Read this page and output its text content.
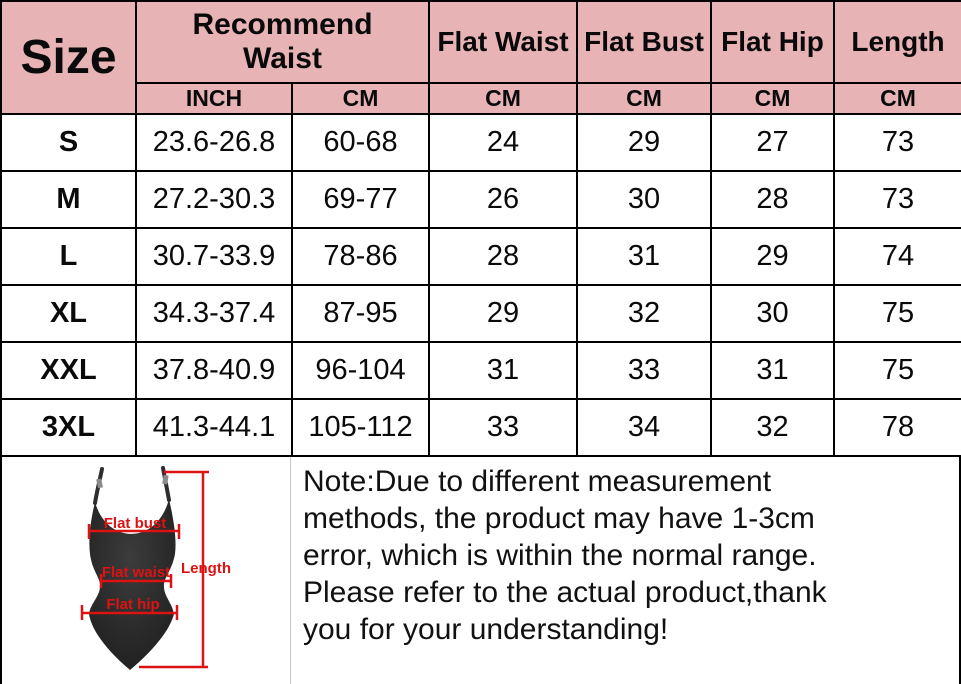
Size	Recommend Waist		Flat Waist	Flat Bust	Flat Hip	Length
	INCH	CM	CM	CM	CM	CM
S	23.6-26.8	60-68	24	29	27	73
M	27.2-30.3	69-77	26	30	28	73
L	30.7-33.9	78-86	28	31	29	74
XL	34.3-37.4	87-95	29	32	30	75
XXL	37.8-40.9	96-104	31	33	31	75
3XL	41.3-44.1	105-112	33	34	32	78
Flat bust
Flat waist
Flat hip
Length
Note:Due to different measurement
methods, the product may have 1-3cm
error, which is within the normal range.
Please refer to the actual product,thank
you for your understanding!
